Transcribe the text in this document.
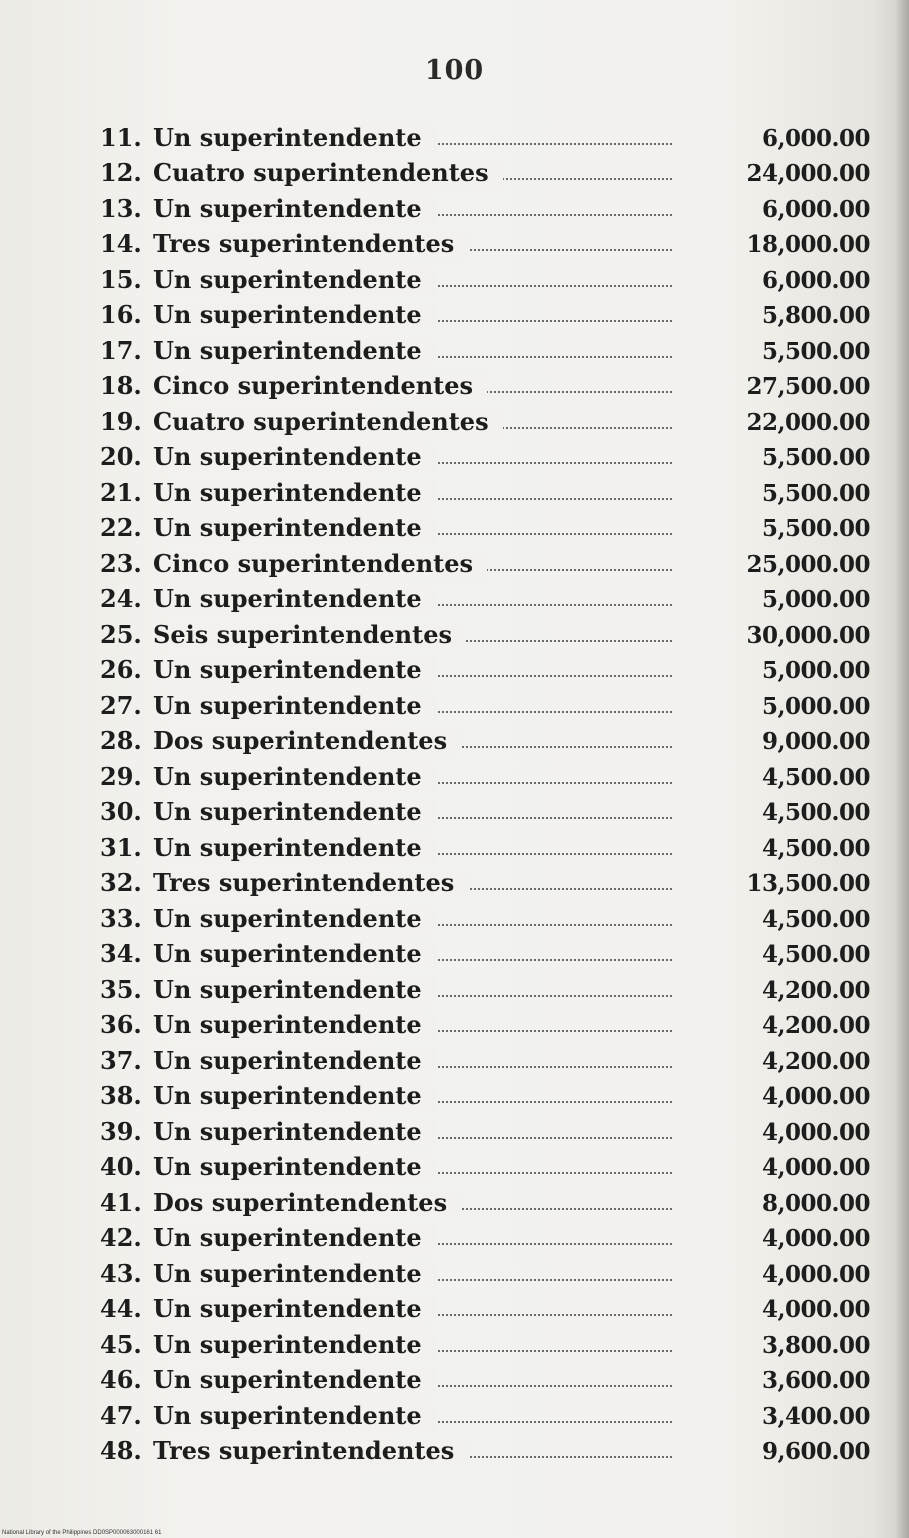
100
11. Un superintendente	6,000.00
12. Cuatro superintendentes	24,000.00
13. Un superintendente	6,000.00
14. Tres superintendentes	18,000.00
15. Un superintendente	6,000.00
16. Un superintendente	5,800.00
17. Un superintendente	5,500.00
18. Cinco superintendentes	27,500.00
19. Cuatro superintendentes	22,000.00
20. Un superintendente	5,500.00
21. Un superintendente	5,500.00
22. Un superintendente	5,500.00
23. Cinco superintendentes	25,000.00
24. Un superintendente	5,000.00
25. Seis superintendentes	30,000.00
26. Un superintendente	5,000.00
27. Un superintendente	5,000.00
28. Dos superintendentes	9,000.00
29. Un superintendente	4,500.00
30. Un superintendente	4,500.00
31. Un superintendente	4,500.00
32. Tres superintendentes	13,500.00
33. Un superintendente	4,500.00
34. Un superintendente	4,500.00
35. Un superintendente	4,200.00
36. Un superintendente	4,200.00
37. Un superintendente	4,200.00
38. Un superintendente	4,000.00
39. Un superintendente	4,000.00
40. Un superintendente	4,000.00
41. Dos superintendentes	8,000.00
42. Un superintendente	4,000.00
43. Un superintendente	4,000.00
44. Un superintendente	4,000.00
45. Un superintendente	3,800.00
46. Un superintendente	3,600.00
47. Un superintendente	3,400.00
48. Tres superintendentes	9,600.00
National Library of the Philippines DD0SP000063000161 61
